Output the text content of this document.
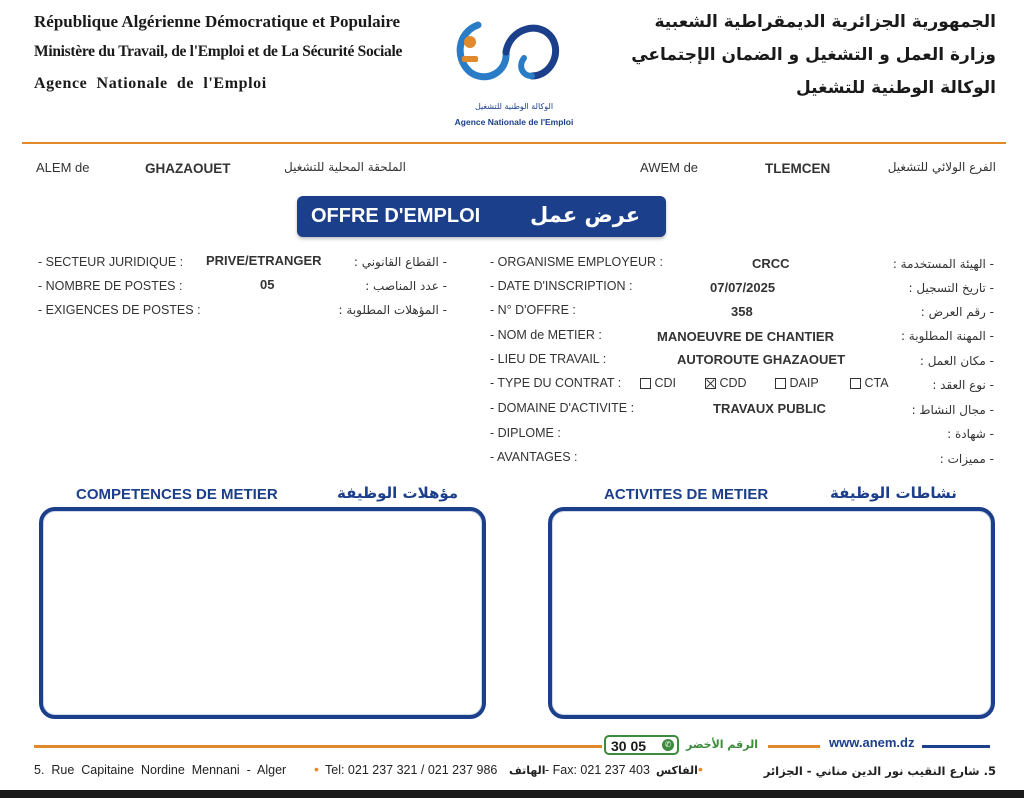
République Algérienne Démocratique et Populaire
Ministère du Travail, de l'Emploi et de La Sécurité Sociale
Agence  Nationale  de  l'Emploi
الوكالة الوطنية للتشغيل
Agence Nationale de l'Emploi
الجمهورية الجزائرية الديمقراطية الشعبية
وزارة العمل و التشغيل و الضمان الإجتماعي
الوكالة الوطنية للتشغيل
ALEM de	GHAZAOUET	الملحقة المحلية للتشغيل	AWEM de	TLEMCEN	الفرع الولائي للتشغيل
OFFRE D'EMPLOI عرض عمل
- SECTEUR JURIDIQUE : PRIVE/ETRANGER	- القطاع القانوني :
- NOMBRE DE POSTES :	05	- عدد المناصب :
- EXIGENCES DE POSTES :	- المؤهلات المطلوبة :
- ORGANISME EMPLOYEUR :	CRCC	- الهيئة المستخدمة :
- DATE D'INSCRIPTION :	07/07/2025	- تاريخ التسجيل :
- N° D'OFFRE :	358	- رقم العرض :
- NOM de METIER :	MANOEUVRE DE CHANTIER	- المهنة المطلوبة :
- LIEU DE TRAVAIL :	AUTOROUTE GHAZAOUET	- مكان العمل :
- TYPE DU CONTRAT :	CDI	CDD	DAIP	CTA	- نوع العقد :
- DOMAINE D'ACTIVITE :	TRAVAUX PUBLIC	- مجال النشاط :
- DIPLOME :	- شهادة :
- AVANTAGES :	- مميزات :
COMPETENCES DE METIER	مؤهلات الوظيفة	ACTIVITES DE METIER	نشاطات الوظيفة
30 05	✆ الرقم الأخضر	www.anem.dz
5.  Rue  Capitaine  Nordine  Mennani  -  Alger • Tel: 021 237 321 / 021 237 986 الهاتف - Fax: 021 237 403 الفاكس •	5. شارع النقيب نور الدين مناني - الجزائر
